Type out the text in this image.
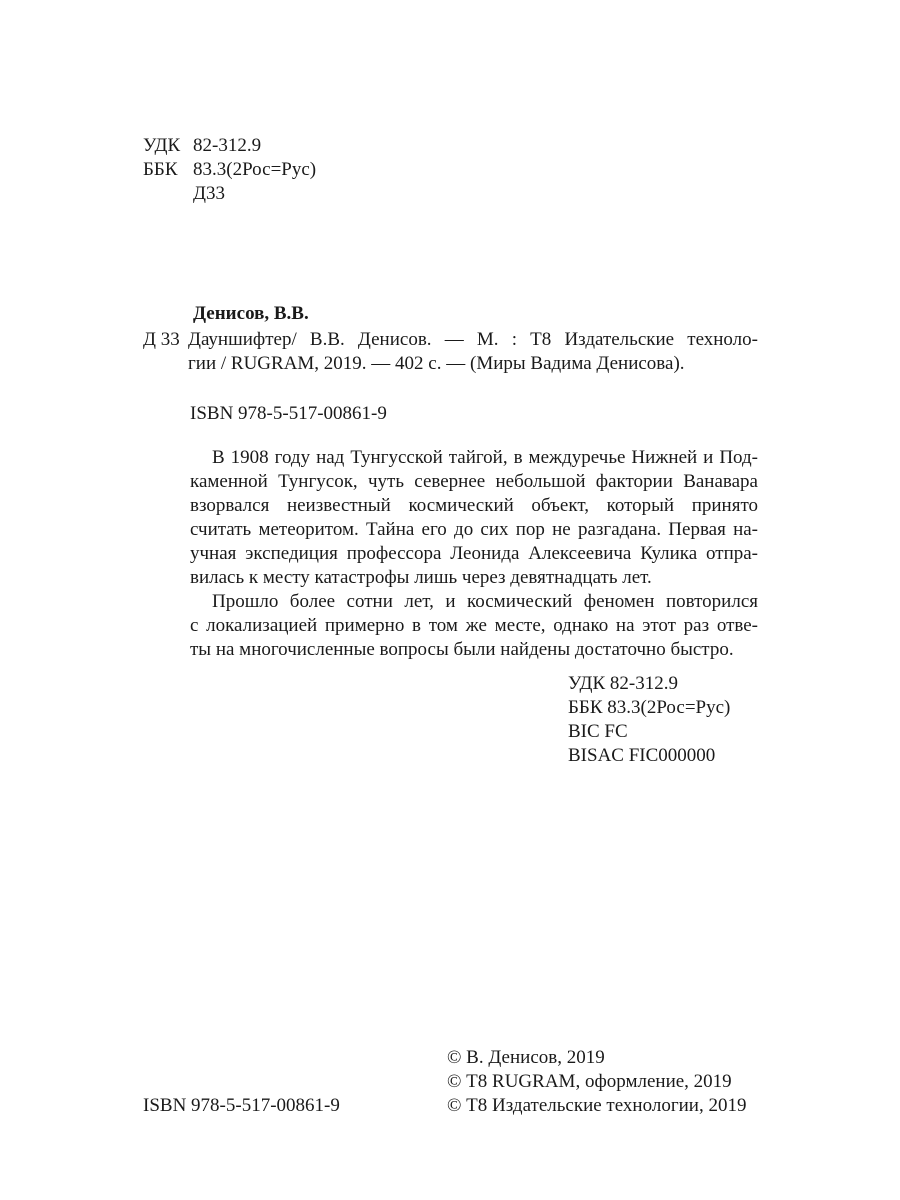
УДК 82-312.9
ББК 83.3(2Рос=Рус)
Д33
Денисов, В.В.
Д 33 Дауншифтер/ В.В. Денисов. — М. : Т8 Издательские техноло-
гии / RUGRAM, 2019. — 402 с. — (Миры Вадима Денисова).
ISBN 978-5-517-00861-9
В 1908 году над Тунгусской тайгой, в междуречье Нижней и Под-
каменной Тунгусок, чуть севернее небольшой фактории Ванавара
взорвался неизвестный космический объект, который принято
считать метеоритом. Тайна его до сих пор не разгадана. Первая на-
учная экспедиция профессора Леонида Алексеевича Кулика отпра-
вилась к месту катастрофы лишь через девятнадцать лет.
Прошло более сотни лет, и космический феномен повторился
с локализацией примерно в том же месте, однако на этот раз отве-
ты на многочисленные вопросы были найдены достаточно быстро.
УДК 82-312.9
ББК 83.3(2Рос=Рус)
BIC FC
BISAC FIC000000
© В. Денисов, 2019
© Т8 RUGRAM, оформление, 2019
© Т8 Издательские технологии, 2019
ISBN 978-5-517-00861-9
